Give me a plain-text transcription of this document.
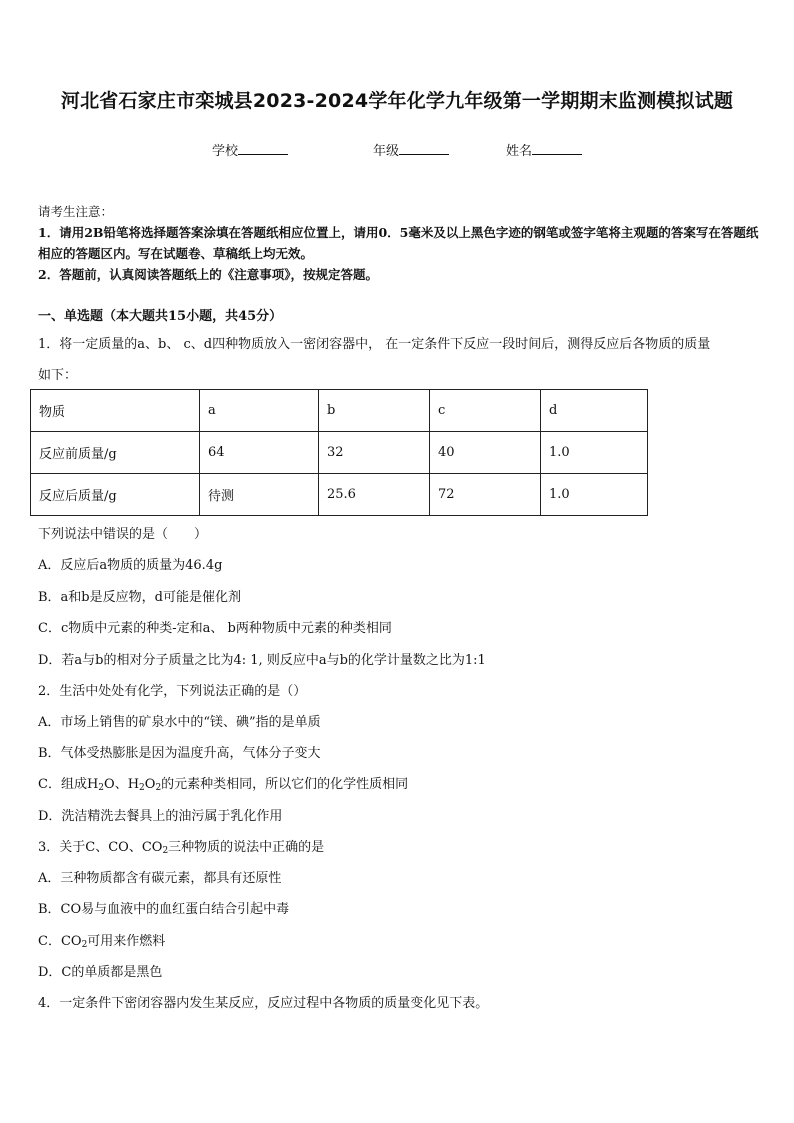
河北省石家庄市栾城县2023-2024学年化学九年级第一学期期末监测模拟试题
学校	年级	姓名
请考生注意：
1．请用2B铅笔将选择题答案涂填在答题纸相应位置上，请用0．5毫米及以上黑色字迹的钢笔或签字笔将主观题的答案写在答题纸相应的答题区内。写在试题卷、草稿纸上均无效。
2．答题前，认真阅读答题纸上的《注意事项》，按规定答题。
一、单选题（本大题共15小题，共45分）
1．将一定质量的a、b、 c、d四种物质放入一密闭容器中， 在一定条件下反应一段时间后，测得反应后各物质的质量
如下：
物质	a	b	c	d
反应前质量/g	64	32	40	1.0
反应后质量/g	待测	25.6	72	1.0
下列说法中错误的是（　　）
A．反应后a物质的质量为46.4g
B．a和b是反应物，d可能是催化剂
C．c物质中元素的种类-定和a、 b两种物质中元素的种类相同
D．若a与b的相对分子质量之比为4: 1, 则反应中a与b的化学计量数之比为1:1
2．生活中处处有化学，下列说法正确的是（）
A．市场上销售的矿泉水中的“镁、碘”指的是单质
B．气体受热膨胀是因为温度升高，气体分子变大
C．组成$H_2O$、$H_2O_2$的元素种类相同，所以它们的化学性质相同
D．洗洁精洗去餐具上的油污属于乳化作用
3．关于C、CO、$CO_2$三种物质的说法中正确的是
A．三种物质都含有碳元素，都具有还原性
B．CO易与血液中的血红蛋白结合引起中毒
C．$CO_2$可用来作燃料
D．C的单质都是黑色
4．一定条件下密闭容器内发生某反应，反应过程中各物质的质量变化见下表。
